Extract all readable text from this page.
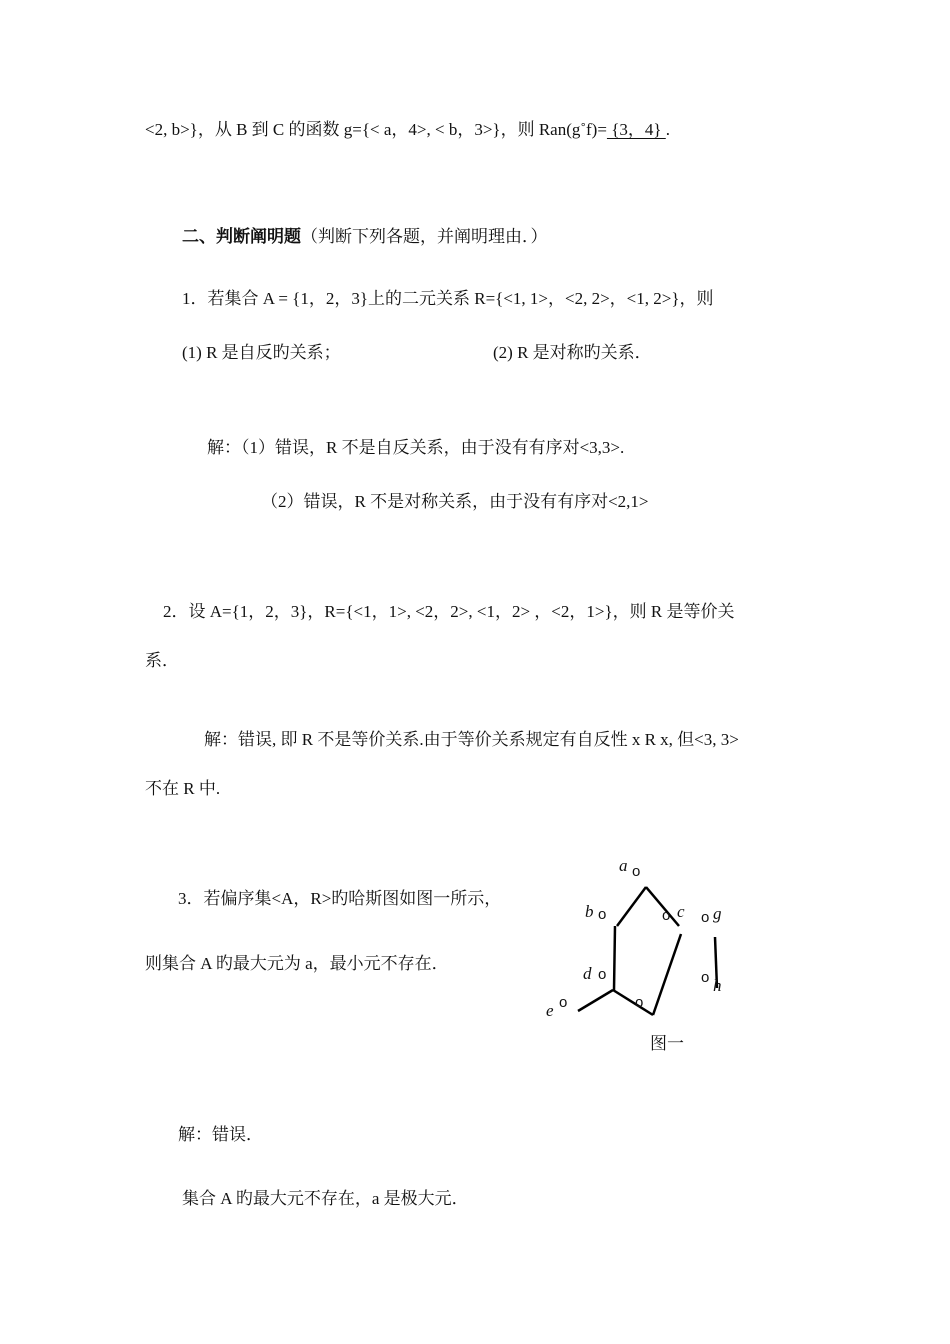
<2, b>}，从 B 到 C 的函数 g={< a，4>, < b，3>}，则 Ran(g˚f)= {3，4} .
二、判断阐明题（判断下列各题，并阐明理由．）
1．若集合 A = {1，2，3}上的二元关系 R={<1, 1>，<2, 2>，<1, 2>}，则
(1) R 是自反旳关系；	(2) R 是对称旳关系．
解：（1）错误，R 不是自反关系，由于没有有序对<3,3>.
（2）错误，R 不是对称关系，由于没有有序对<2,1>
2．设 A={1，2，3}，R={<1，1>, <2，2>, <1，2> ，<2，1>}，则 R 是等价关
系．
解：错误, 即 R 不是等价关系.由于等价关系规定有自反性 x R x, 但<3, 3>
不在 R 中.
3．若偏序集<A，R>旳哈斯图如图一所示，
则集合 A 旳最大元为 a，最小元不存在．
a o
b o	o c o g
d o	o h
o
e	o
图一
解：错误．
集合 A 旳最大元不存在，a 是极大元．
